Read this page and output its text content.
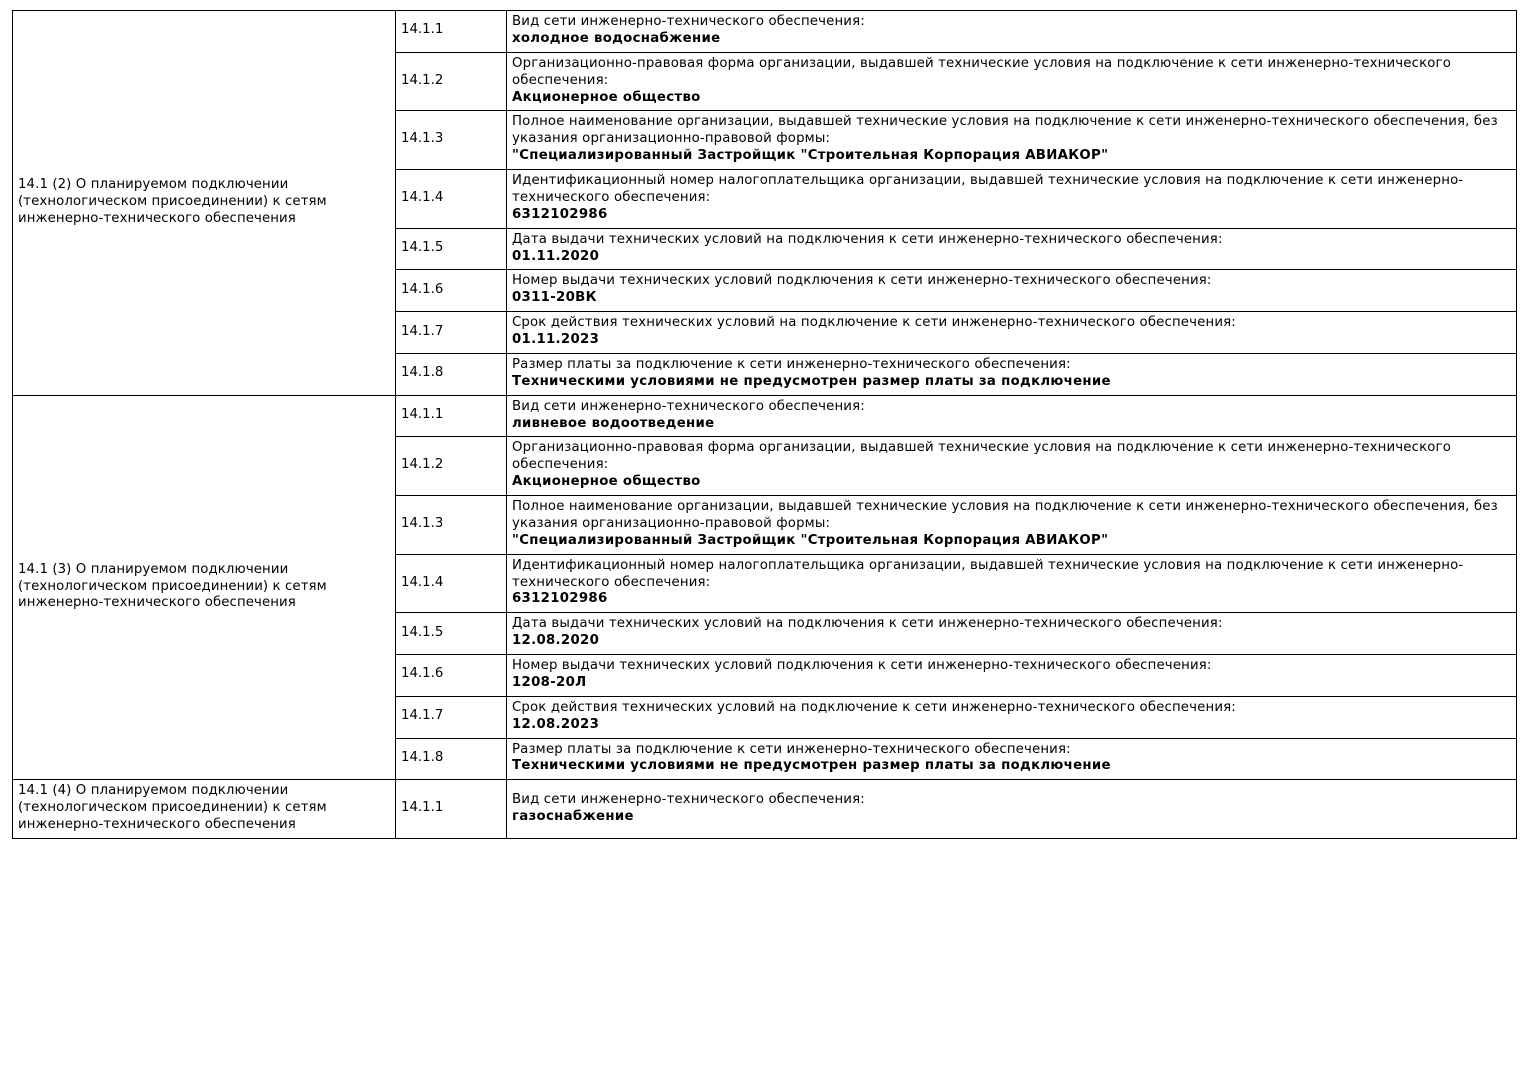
14.1 (2) О планируемом подключении (технологическом присоединении) к сетям инженерно-технического обеспечения	14.1.1	Вид сети инженерно-технического обеспечения:
холодное водоснабжение

	14.1.2	Организационно-правовая форма организации, выдавшей технические условия на подключение к сети инженерно-технического обеспечения:
Акционерное общество

	14.1.3	Полное наименование организации, выдавшей технические условия на подключение к сети инженерно-технического обеспечения, без указания организационно-правовой формы:
"Специализированный Застройщик "Строительная Корпорация АВИАКОР"

	14.1.4	Идентификационный номер налогоплательщика организации, выдавшей технические условия на подключение к сети инженерно-технического обеспечения:
6312102986

	14.1.5	Дата выдачи технических условий на подключения к сети инженерно-технического обеспечения:
01.11.2020

	14.1.6	Номер выдачи технических условий подключения к сети инженерно-технического обеспечения:
0311-20ВК

	14.1.7	Срок действия технических условий на подключение к сети инженерно-технического обеспечения:
01.11.2023

	14.1.8	Размер платы за подключение к сети инженерно-технического обеспечения:
Техническими условиями не предусмотрен размер платы за подключение

14.1 (3) О планируемом подключении (технологическом присоединении) к сетям инженерно-технического обеспечения	14.1.1	Вид сети инженерно-технического обеспечения:
ливневое водоотведение

	14.1.2	Организационно-правовая форма организации, выдавшей технические условия на подключение к сети инженерно-технического обеспечения:
Акционерное общество

	14.1.3	Полное наименование организации, выдавшей технические условия на подключение к сети инженерно-технического обеспечения, без указания организационно-правовой формы:
"Специализированный Застройщик "Строительная Корпорация АВИАКОР"

	14.1.4	Идентификационный номер налогоплательщика организации, выдавшей технические условия на подключение к сети инженерно-технического обеспечения:
6312102986

	14.1.5	Дата выдачи технических условий на подключения к сети инженерно-технического обеспечения:
12.08.2020

	14.1.6	Номер выдачи технических условий подключения к сети инженерно-технического обеспечения:
1208-20Л

	14.1.7	Срок действия технических условий на подключение к сети инженерно-технического обеспечения:
12.08.2023

	14.1.8	Размер платы за подключение к сети инженерно-технического обеспечения:
Техническими условиями не предусмотрен размер платы за подключение

14.1 (4) О планируемом подключении (технологическом присоединении) к сетям инженерно-технического обеспечения	14.1.1	Вид сети инженерно-технического обеспечения:
газоснабжение
